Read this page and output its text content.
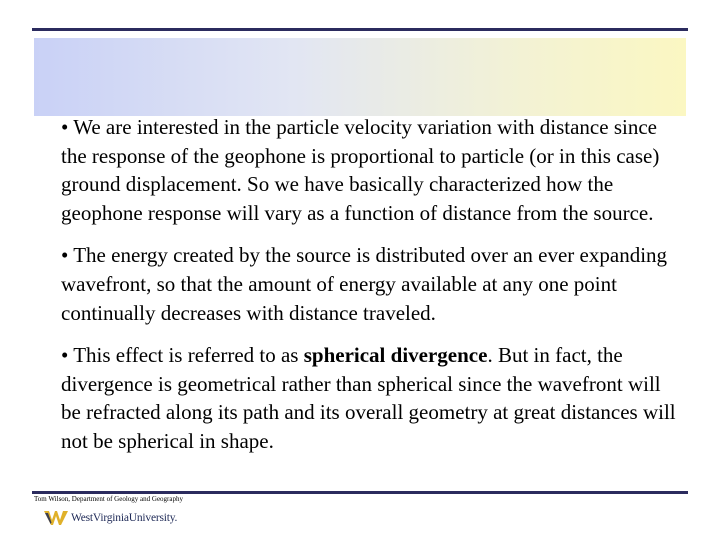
• We are interested in the particle velocity variation with distance since the response of the geophone is proportional to particle (or in this case) ground displacement. So we have basically characterized how the geophone response will vary as a function of distance from the source.

• The energy created by the source is distributed over an ever expanding wavefront, so that the amount of energy available at any one point continually decreases with distance traveled.

• This effect is referred to as spherical divergence. But in fact, the divergence is geometrical rather than spherical since the wavefront will be refracted along its path and its overall geometry at great distances will not be spherical in shape.

Tom Wilson, Department of Geology and Geography
WestVirginiaUniversity.
